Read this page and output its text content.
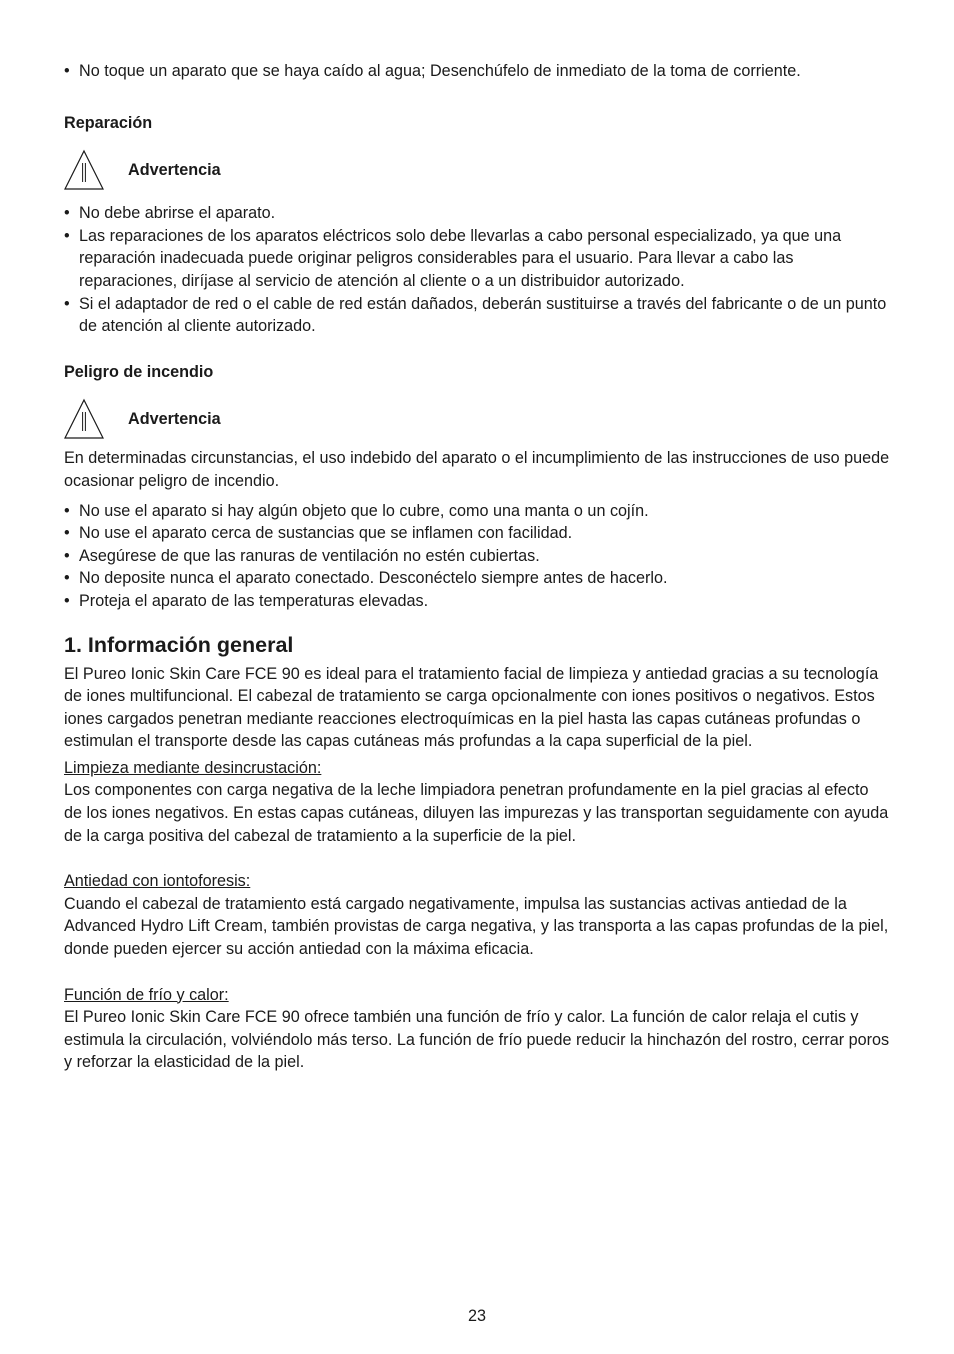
• No toque un aparato que se haya caído al agua; Desenchúfelo de inmediato de la toma de corriente.

Reparación

Advertencia
• No debe abrirse el aparato.
• Las reparaciones de los aparatos eléctricos solo debe llevarlas a cabo personal especializado, ya que una reparación inadecuada puede originar peligros considerables para el usuario. Para llevar a cabo las reparaciones, diríjase al servicio de atención al cliente o a un distribuidor autorizado.
• Si el adaptador de red o el cable de red están dañados, deberán sustituirse a través del fabricante o de un punto de atención al cliente autorizado.

Peligro de incendio

Advertencia

En determinadas circunstancias, el uso indebido del aparato o el incumplimiento de las instrucciones de uso puede ocasionar peligro de incendio.

• No use el aparato si hay algún objeto que lo cubre, como una manta o un cojín.
• No use el aparato cerca de sustancias que se inflamen con facilidad.
• Asegúrese de que las ranuras de ventilación no estén cubiertas.
• No deposite nunca el aparato conectado. Desconéctelo siempre antes de hacerlo.
• Proteja el aparato de las temperaturas elevadas.
1. Información general

El Pureo Ionic Skin Care FCE 90 es ideal para el tratamiento facial de limpieza y antiedad gracias a su tecnología de iones multifuncional. El cabezal de tratamiento se carga opcionalmente con iones positivos o negativos. Estos iones cargados penetran mediante reacciones electroquímicas en la piel hasta las capas cutáneas profundas o estimulan el transporte desde las capas cutáneas más profundas a la capa superficial de la piel.

Limpieza mediante desincrustación:

Los componentes con carga negativa de la leche limpiadora penetran profundamente en la piel gracias al efecto de los iones negativos. En estas capas cutáneas, diluyen las impurezas y las transportan seguidamente con ayuda de la carga positiva del cabezal de tratamiento a la superficie de la piel.

Antiedad con iontoforesis:

Cuando el cabezal de tratamiento está cargado negativamente, impulsa las sustancias activas antiedad de la Advanced Hydro Lift Cream, también provistas de carga negativa, y las transporta a las capas profundas de la piel, donde pueden ejercer su acción antiedad con la máxima eficacia.

Función de frío y calor:

El Pureo Ionic Skin Care FCE 90 ofrece también una función de frío y calor. La función de calor relaja el cutis y estimula la circulación, volviéndolo más terso. La función de frío puede reducir la hinchazón del rostro, cerrar poros y reforzar la elasticidad de la piel.

23
